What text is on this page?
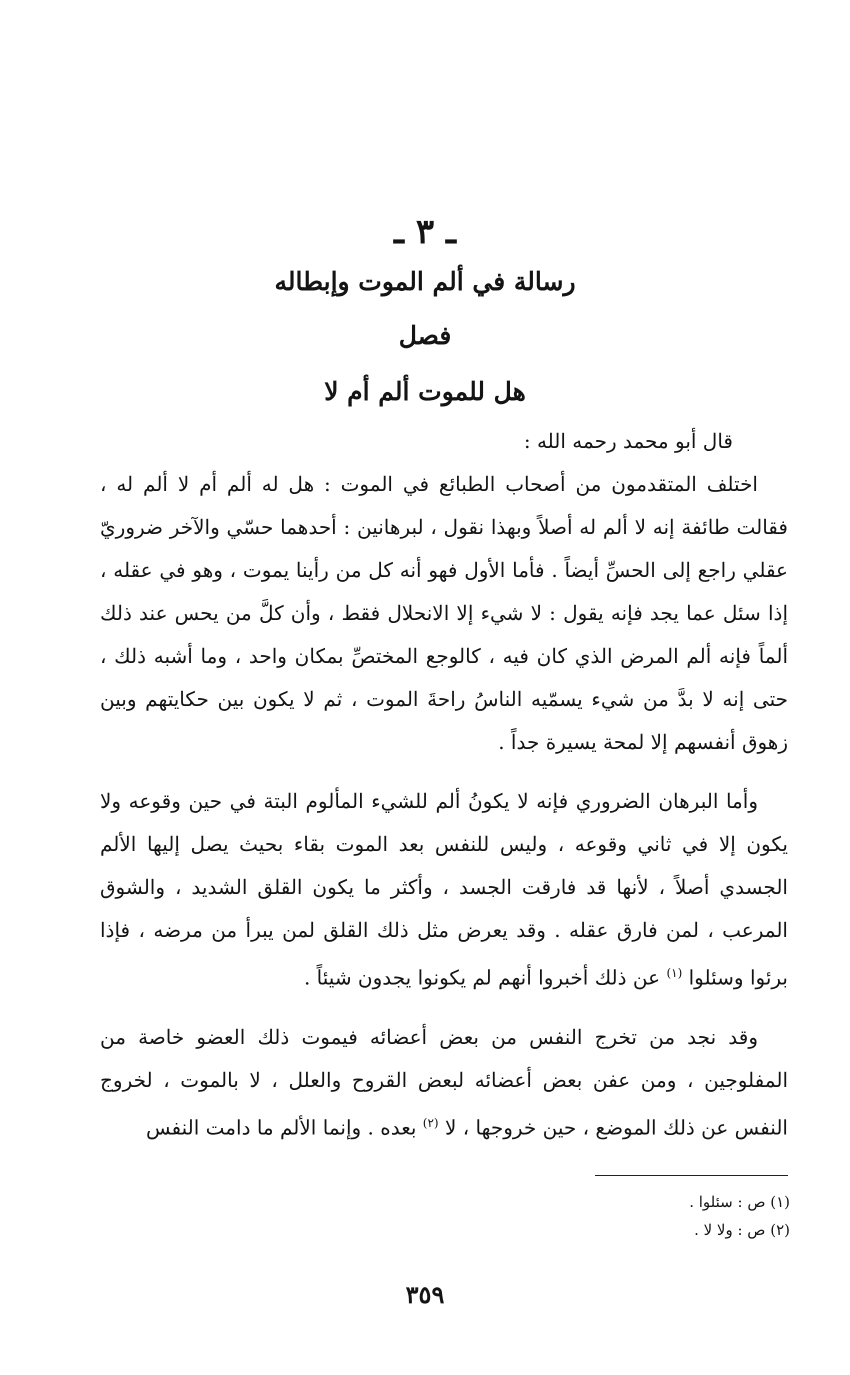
ـ ٣ ـ
رسالة في ألم الموت وإبطاله
فصل
هل للموت ألم أم لا

قال أبو محمد رحمه الله :

اختلف المتقدمون من أصحاب الطبائع في الموت : هل له ألم أم لا ألم له ، فقالت طائفة إنه لا ألم له أصلاً وبهذا نقول ، لبرهانين : أحدهما حسّي والآخر ضروريّ عقلي راجع إلى الحسِّ أيضاً . فأما الأول فهو أنه كل من رأينا يموت ، وهو في عقله ، إذا سئل عما يجد فإنه يقول : لا شيء إلا الانحلال فقط ، وأن كلَّ من يحس عند ذلك ألماً فإنه ألم المرض الذي كان فيه ، كالوجع المختصِّ بمكان واحد ، وما أشبه ذلك ، حتى إنه لا بدَّ من شيء يسمّيه الناسُ راحةَ الموت ، ثم لا يكون بين حكايتهم وبين زهوق أنفسهم إلا لمحة يسيرة جداً .

وأما البرهان الضروري فإنه لا يكونُ ألم للشيء المألوم البتة في حين وقوعه ولا يكون إلا في ثاني وقوعه ، وليس للنفس بعد الموت بقاء بحيث يصل إليها الألم الجسدي أصلاً ، لأنها قد فارقت الجسد ، وأكثر ما يكون القلق الشديد ، والشوق المرعب ، لمن فارق عقله . وقد يعرض مثل ذلك القلق لمن يبرأ من مرضه ، فإذا برئوا وسئلوا $^{(١)}$ عن ذلك أخبروا أنهم لم يكونوا يجدون شيئاً .

وقد نجد من تخرج النفس من بعض أعضائه فيموت ذلك العضو خاصة من المفلوجين ، ومن عفن بعض أعضائه لبعض القروح والعلل ، لا بالموت ، لخروج النفس عن ذلك الموضع ، حين خروجها ، لا $^{(٢)}$ بعده . وإنما الألم ما دامت النفس

(١) ص : سئلوا .
(٢) ص : ولا لا .
٣٥٩
